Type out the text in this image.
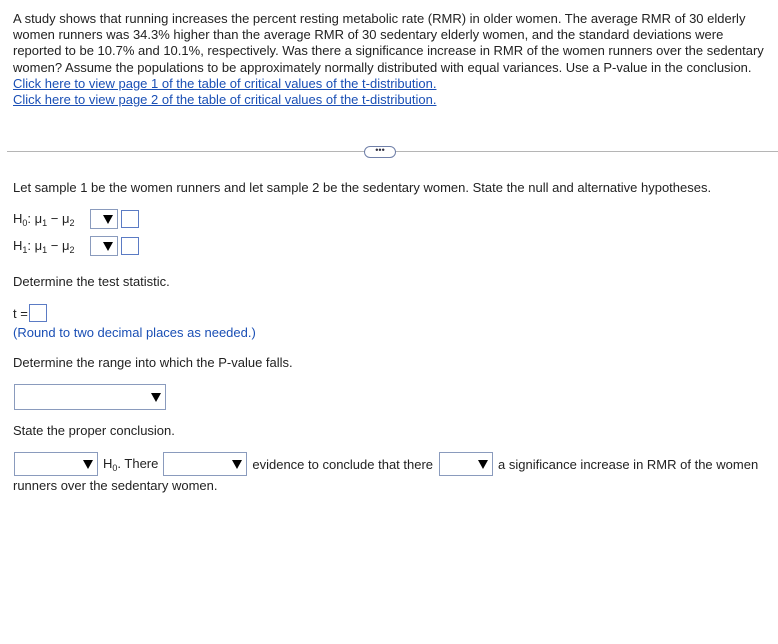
A study shows that running increases the percent resting metabolic rate (RMR) in older women. The average RMR of 30 elderly women runners was 34.3% higher than the average RMR of 30 sedentary elderly women, and the standard deviations were reported to be 10.7% and 10.1%, respectively. Was there a significance increase in RMR of the women runners over the sedentary women? Assume the populations to be approximately normally distributed with equal variances. Use a P-value in the conclusion.
Click here to view page 1 of the table of critical values of the t-distribution.
Click here to view page 2 of the table of critical values of the t-distribution.
•••
Let sample 1 be the women runners and let sample 2 be the sedentary women. State the null and alternative hypotheses.
$H_0$: $\mu_1 - \mu_2$
$H_1$: $\mu_1 - \mu_2$
Determine the test statistic.
t =
(Round to two decimal places as needed.)
Determine the range into which the P-value falls.
State the proper conclusion.
$H_0$. There	evidence to conclude that there	a significance increase in RMR of the women
runners over the sedentary women.
